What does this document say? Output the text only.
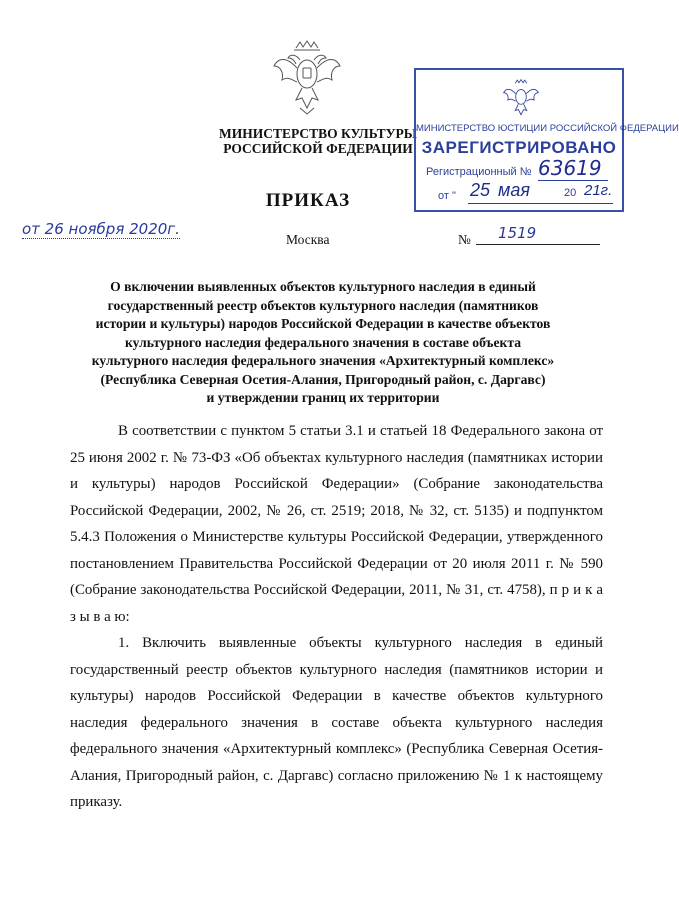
МИНИСТЕРСТВО КУЛЬТУРЫ
РОССИЙСКОЙ ФЕДЕРАЦИИ
ПРИКАЗ
МИНИСТЕРСТВО ЮСТИЦИИ РОССИЙСКОЙ ФЕДЕРАЦИИ
ЗАРЕГИСТРИРОВАНО
Регистрационный № 63619
от " 25 мая	20 21г.
от 26 ноября 2020г.
Москва	№ 1519
О включении выявленных объектов культурного наследия в единый
государственный реестр объектов культурного наследия (памятников
истории и культуры) народов Российской Федерации в качестве объектов
культурного наследия федерального значения в составе объекта
культурного наследия федерального значения «Архитектурный комплекс»
(Республика Северная Осетия-Алания, Пригородный район, с. Даргавс)
и утверждении границ их территории

В соответствии с пунктом 5 статьи 3.1 и статьей 18 Федерального закона от 25 июня 2002 г. № 73-ФЗ «Об объектах культурного наследия (памятниках истории и культуры) народов Российской Федерации» (Собрание законодательства Российской Федерации, 2002, № 26, ст. 2519; 2018, № 32, ст. 5135) и подпунктом 5.4.3 Положения о Министерстве культуры Российской Федерации, утвержденного постановлением Правительства Российской Федерации от 20 июля 2011 г. № 590 (Собрание законодательства Российской Федерации, 2011, № 31, ст. 4758), п р и к а з ы в а ю:

1. Включить выявленные объекты культурного наследия в единый государственный реестр объектов культурного наследия (памятников истории и культуры) народов Российской Федерации в качестве объектов культурного наследия федерального значения в составе объекта культурного наследия федерального значения «Архитектурный комплекс» (Республика Северная Осетия-Алания, Пригородный район, с. Даргавс) согласно приложению № 1 к настоящему приказу.
